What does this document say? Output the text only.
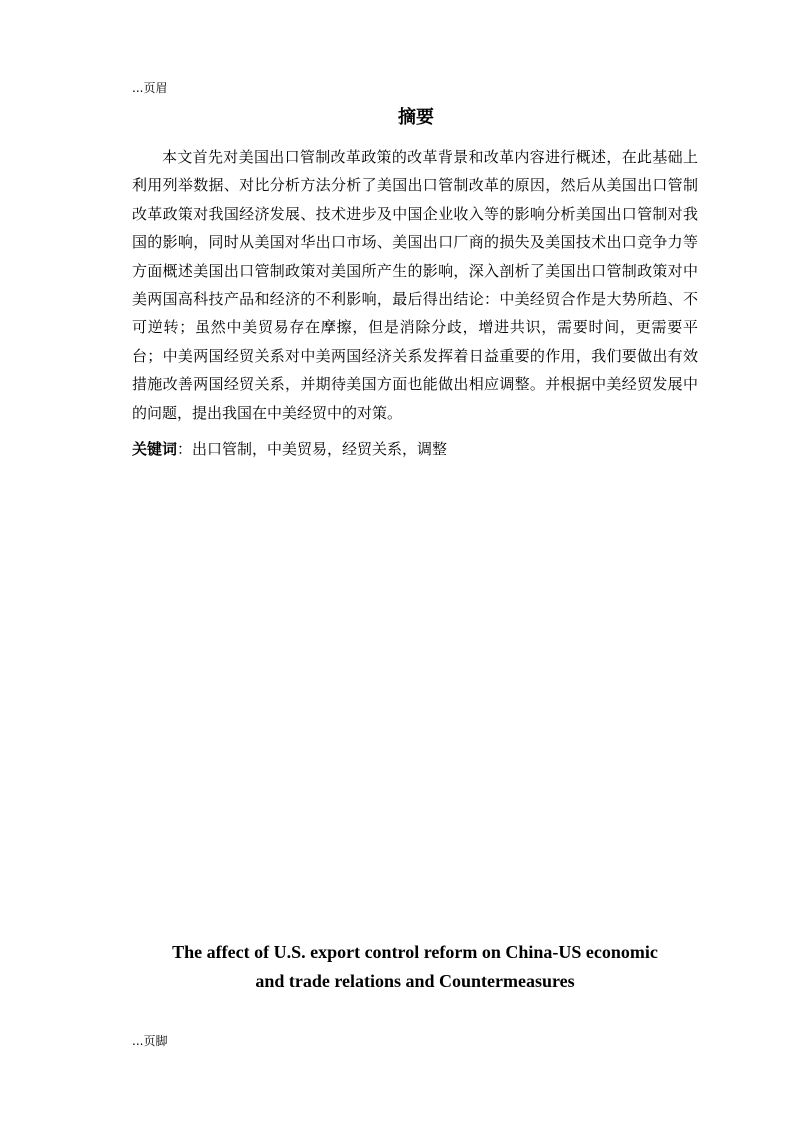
...页眉
摘要

本文首先对美国出口管制改革政策的改革背景和改革内容进行概述，在此基础上利用列举数据、对比分析方法分析了美国出口管制改革的原因，然后从美国出口管制改革政策对我国经济发展、技术进步及中国企业收入等的影响分析美国出口管制对我国的影响，同时从美国对华出口市场、美国出口厂商的损失及美国技术出口竞争力等方面概述美国出口管制政策对美国所产生的影响，深入剖析了美国出口管制政策对中美两国高科技产品和经济的不利影响，最后得出结论：中美经贸合作是大势所趋、不可逆转；虽然中美贸易存在摩擦，但是消除分歧，增进共识，需要时间，更需要平台；中美两国经贸关系对中美两国经济关系发挥着日益重要的作用，我们要做出有效措施改善两国经贸关系，并期待美国方面也能做出相应调整。并根据中美经贸发展中的问题，提出我国在中美经贸中的对策。

关键词：出口管制，中美贸易，经贸关系，调整
The affect of U.S. export control reform on China-US economic
and trade relations and Countermeasures
...页脚
